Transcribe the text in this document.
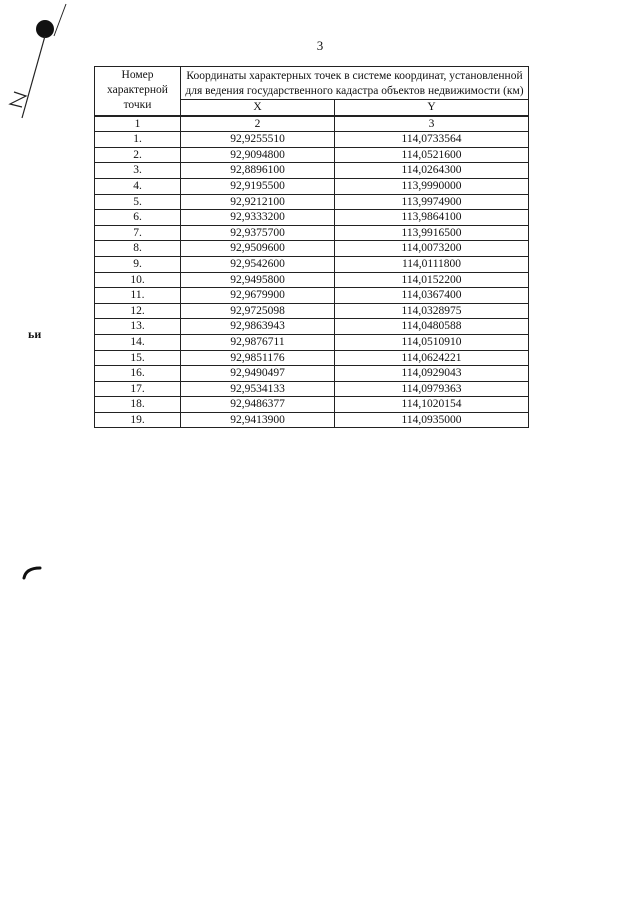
ьи
3
Номер характерной точки	Координаты характерных точек в системе координат, установленной для ведения государственного кадастра объектов недвижимости (км)	
	X	Y
1	2	3
1.	92,9255510	114,0733564
2.	92,9094800	114,0521600
3.	92,8896100	114,0264300
4.	92,9195500	113,9990000
5.	92,9212100	113,9974900
6.	92,9333200	113,9864100
7.	92,9375700	113,9916500
8.	92,9509600	114,0073200
9.	92,9542600	114,0111800
10.	92,9495800	114,0152200
11.	92,9679900	114,0367400
12.	92,9725098	114,0328975
13.	92,9863943	114,0480588
14.	92,9876711	114,0510910
15.	92,9851176	114,0624221
16.	92,9490497	114,0929043
17.	92,9534133	114,0979363
18.	92,9486377	114,1020154
19.	92,9413900	114,0935000
